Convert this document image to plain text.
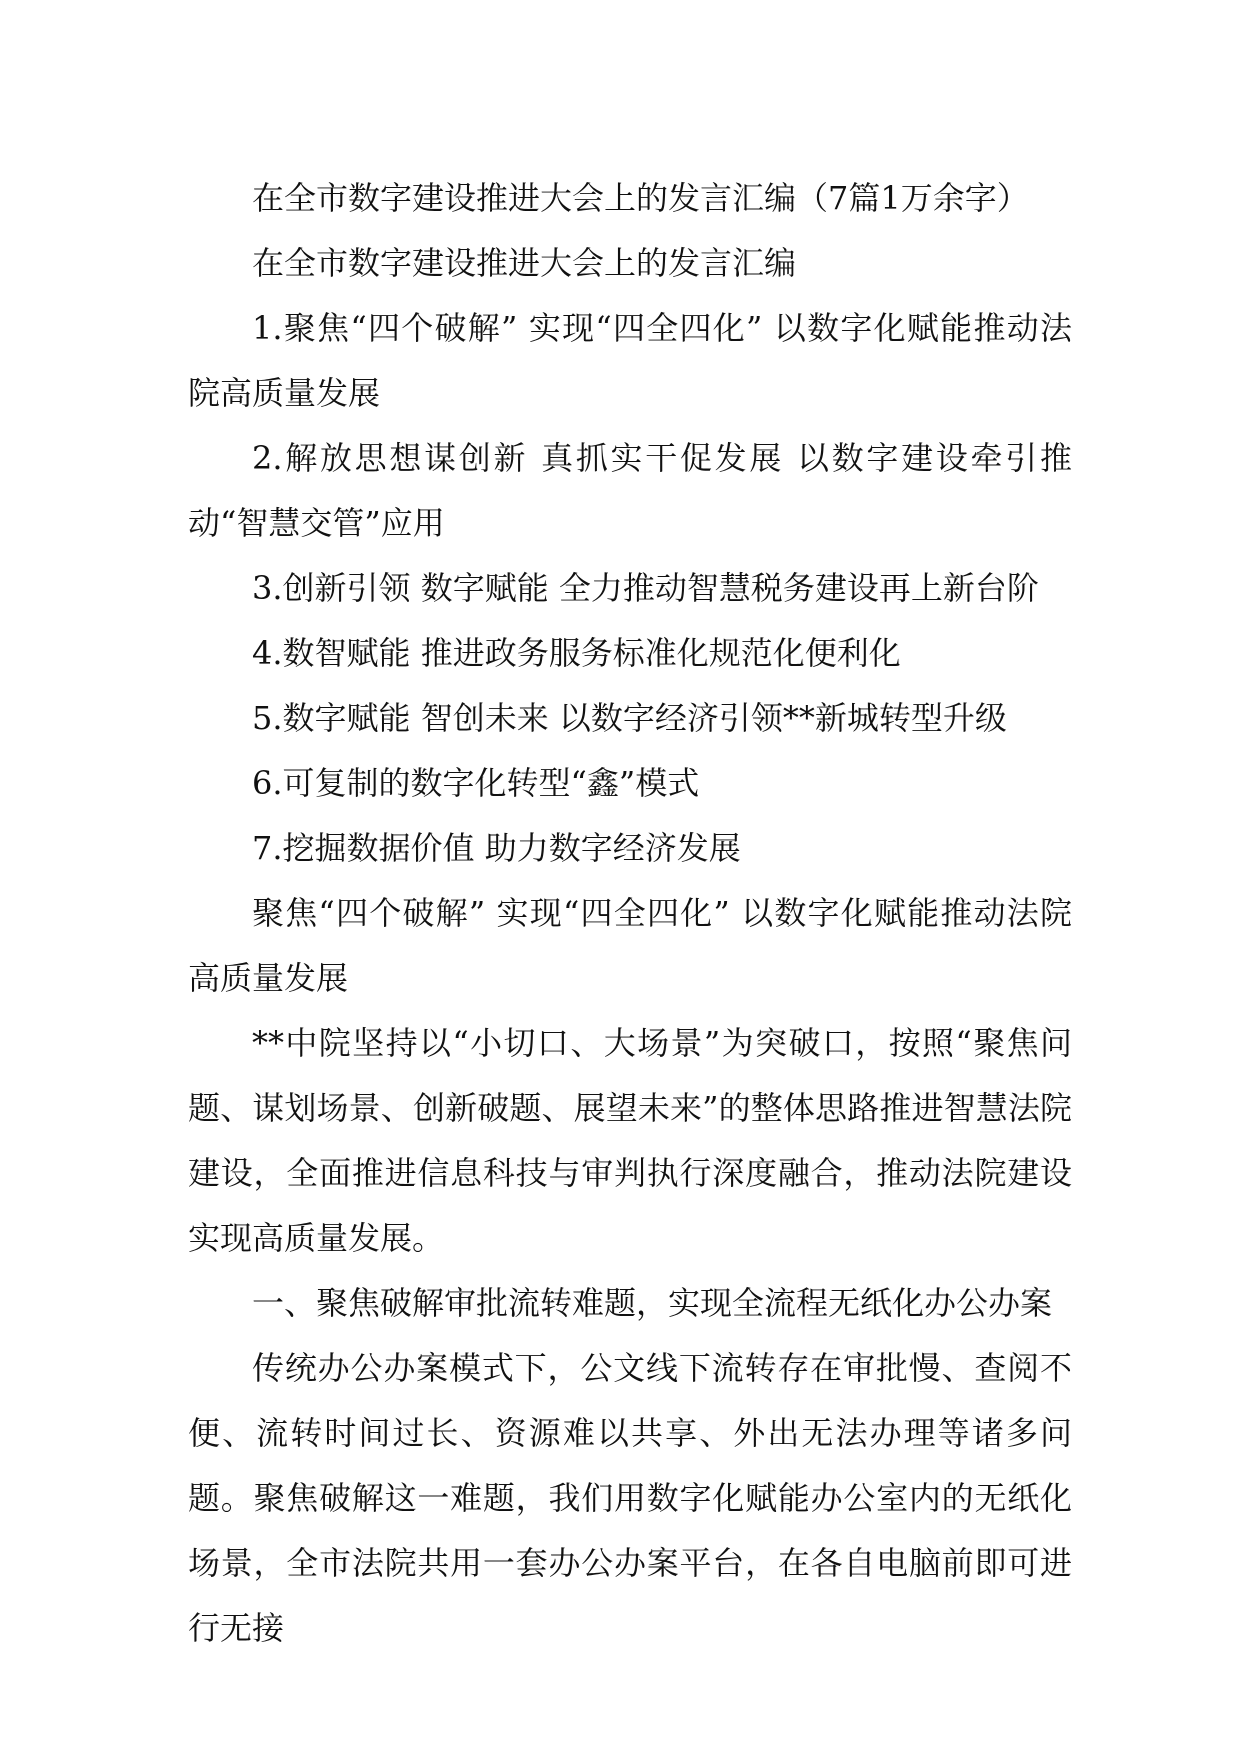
在全市数字建设推进大会上的发言汇编（7篇1万余字）

在全市数字建设推进大会上的发言汇编

1.聚焦“四个破解” 实现“四全四化” 以数字化赋能推动法院高质量发展

2.解放思想谋创新 真抓实干促发展 以数字建设牵引推动“智慧交管”应用

3.创新引领 数字赋能 全力推动智慧税务建设再上新台阶

4.数智赋能 推进政务服务标准化规范化便利化

5.数字赋能 智创未来 以数字经济引领**新城转型升级

6.可复制的数字化转型“鑫”模式

7.挖掘数据价值 助力数字经济发展

聚焦“四个破解” 实现“四全四化” 以数字化赋能推动法院高质量发展

**中院坚持以“小切口、大场景”为突破口，按照“聚焦问题、谋划场景、创新破题、展望未来”的整体思路推进智慧法院建设，全面推进信息科技与审判执行深度融合，推动法院建设实现高质量发展。

一、聚焦破解审批流转难题，实现全流程无纸化办公办案

传统办公办案模式下，公文线下流转存在审批慢、查阅不便、流转时间过长、资源难以共享、外出无法办理等诸多问题。聚焦破解这一难题，我们用数字化赋能办公室内的无纸化场景，全市法院共用一套办公办案平台，在各自电脑前即可进行无接
